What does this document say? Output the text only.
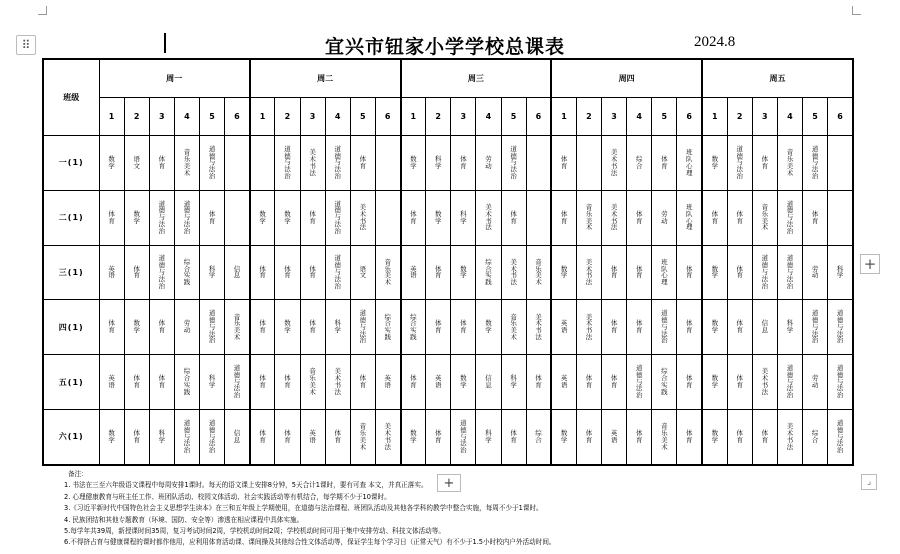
⠿	宜兴市钮家小学学校总课表	2024.8
班级	周一						周二						周三						周四						周五					
	1	2	3	4	5	6	1	2	3	4	5	6	1	2	3	4	5	6	1	2	3	4	5	6	1	2	3	4	5	6
一(1)	数学	语文	体育	音乐美术	道德与法治			道德与法治	美术书法	道德与法治	体育		数学	科学	体育	劳动	道德与法治		体育		美术书法	综合	体育	班队心理	数学	道德与法治	体育	音乐美术	道德与法治	
二(1)	体育	数学	道德与法治	道德与法治	体育		数学	数学	体育	道德与法治	美术书法		体育	数学	科学	美术书法	体育		体育	音乐美术	美术书法	体育	劳动	班队心理	体育	体育	音乐美术	道德与法治	体育	
三(1)	英语	体育	道德与法治	综合实践	科学	信息	体育	体育	体育	道德与法治	语文	音乐美术	英语	体育	数学	综合实践	美术书法	音乐美术	数学	美术书法	体育	体育	班队心理	体育	数学	体育	道德与法治	道德与法治	劳动	科学
四(1)	体育	数学	体育	劳动	道德与法治	音乐美术	体育	数学	体育	科学	道德与法治	综合实践	综合实践	体育	体育	数学	音乐美术	美术书法	英语	美术书法	体育	体育	道德与法治	体育	数学	体育	信息	科学	道德与法治	道德与法治
五(1)	英语	体育	体育	综合实践	科学	道德与法治	体育	体育	音乐美术	美术书法	体育	英语	体育	英语	数学	信息	科学	体育	英语	体育	体育	道德与法治	综合实践	体育	数学	体育	美术书法	道德与法治	劳动	道德与法治
六(1)	数学	体育	科学	道德与法治	道德与法治	信息	体育	体育	英语	体育	音乐美术	美术书法	数学	体育	道德与法治	科学	体育	综合	数学	体育	英语	体育	音乐美术	体育	数学	体育	体育	美术书法	综合	道德与法治
+
+
⌟
备注：
1. 书法在三至六年级语文课程中每周安排1课时。每天的语文课上安排8分钟，5天合计1课时，要有可查 本文，并真正落实。
2. 心理健康教育与班主任工作、班团队活动、校园文体活动、社会实践活动等有机结合，每学期不少于10课时。
3.《习近平新时代中国特色社会主义思想学生读本》在三和五年级上学期使用，在道德与法治课程、班团队活动及其他各学科的教学中整合实施，每周不少于1课时。
4. 民族团结和其他专题教育（环境、国防、安全等）渗透在相应课程中具体实施。
5.每学年共39周，新授课时间35周，复习考试时间2周，学校机动时间2周；学校机动时间可用于集中安排劳动、科技文体活动等。
6.不得挤占育与健康课程的课时都作他用，应利用体育活动课、课间操及其他综合性文体活动等，保证学生每个学习日（正常天气）有不少于1.5小时校内户外活动时间。
